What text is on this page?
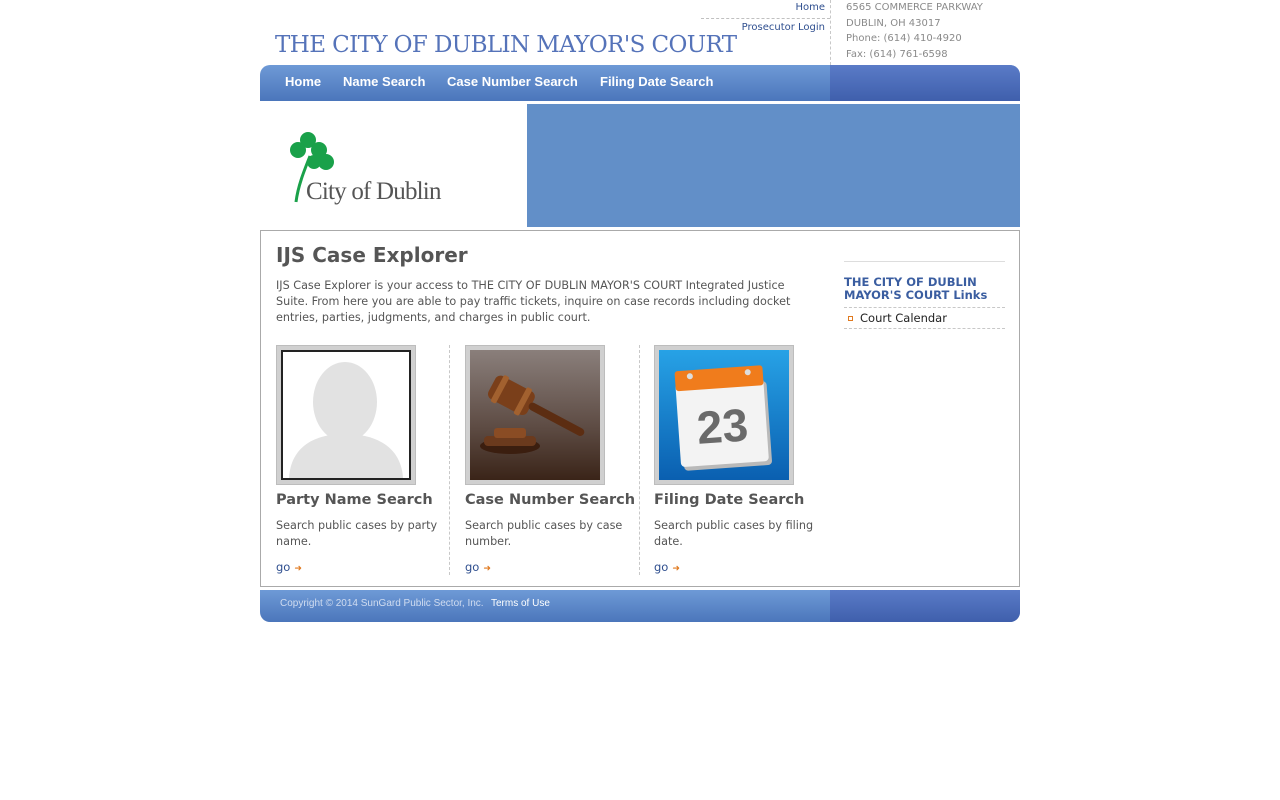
Home
Prosecutor Login
6565 COMMERCE PARKWAY
DUBLIN, OH 43017
Phone: (614) 410-4920
Fax: (614) 761-6598
THE CITY OF DUBLIN MAYOR'S COURT
Home Name Search Case Number Search Filing Date Search
City of Dublin
IJS Case Explorer

IJS Case Explorer is your access to THE CITY OF DUBLIN MAYOR'S COURT Integrated Justice Suite. From here you are able to pay traffic tickets, inquire on case records including docket entries, parties, judgments, and charges in public court.

Party Name Search
Search public cases by party name.
go ➜
Case Number Search
Search public cases by case number.
go ➜
23
Filing Date Search
Search public cases by filing date.
go ➜
THE CITY OF DUBLIN MAYOR'S COURT Links
Court Calendar
Copyright © 2014 SunGard Public Sector, Inc. Terms of Use
